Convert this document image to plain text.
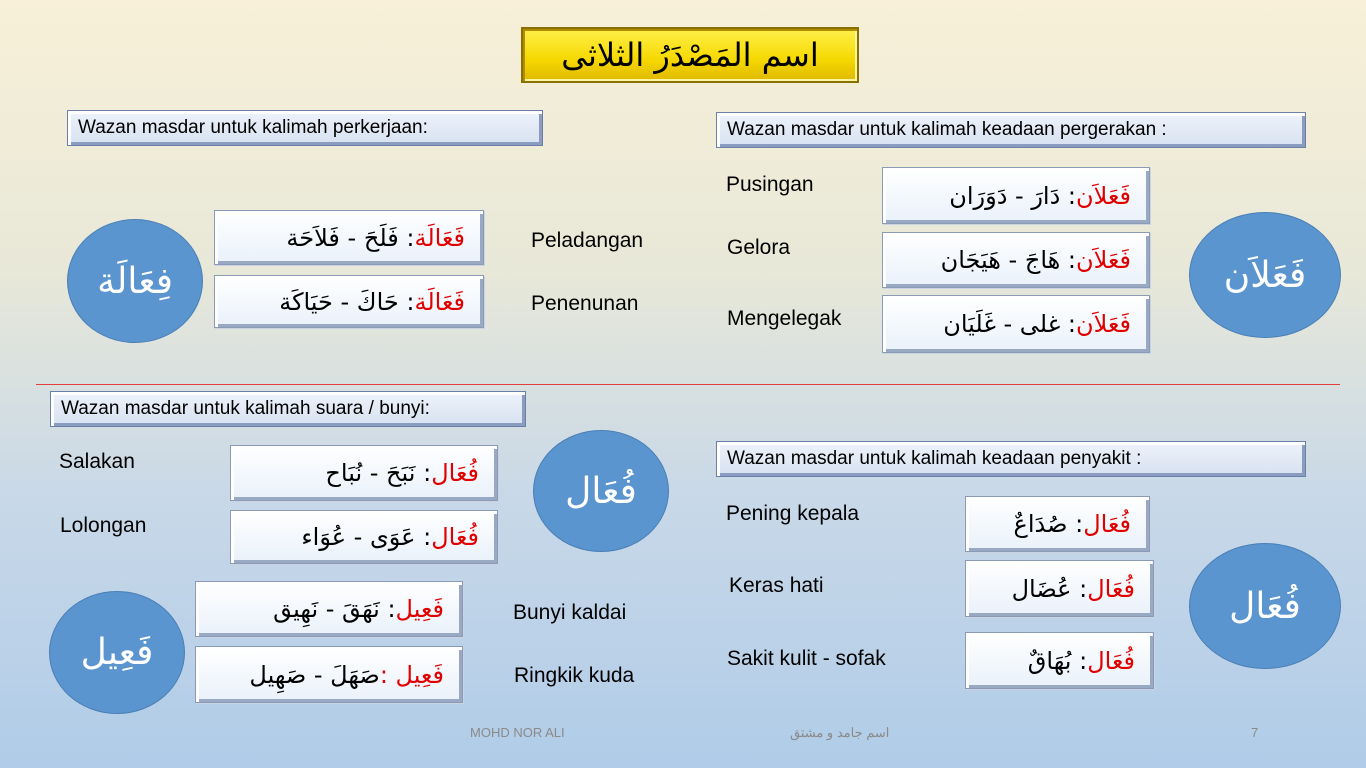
اسم المَصْدَرُ الثلاثى
Wazan masdar untuk kalimah perkerjaan:
فِعَالَة
فَعَالَة
: فَلَحَ - فَلاَحَة
فَعَالَة
: حَاكَ - حَيَاكَة
Peladangan
Penenunan
Wazan masdar untuk kalimah keadaan pergerakan :
Pusingan
Gelora
Mengelegak
فَعَلاَن
: دَارَ - دَوَرَان
فَعَلاَن
: هَاجَ - هَيَجَان
فَعَلاَن
: غلى - غَلَيَان
فَعَلاَن
Wazan masdar untuk kalimah suara / bunyi:
Salakan
Lolongan
فُعَال
: نَبَحَ - نُبَاح
فُعَال
: عَوَى - عُوَاء
فُعَال
فَعِيل
: نَهَقَ - نَهِيق
فَعِيل :
صَهَلَ - صَهِيل
فَعِيل
Bunyi kaldai
Ringkik kuda
Wazan masdar untuk kalimah keadaan penyakit :
Pening kepala
Keras hati
Sakit kulit - sofak
فُعَال
: صُدَاعٌ
فُعَال
: عُضَال
فُعَال
: بُهَاقٌ
فُعَال
MOHD NOR ALI	اسم جامد و مشتق	7
